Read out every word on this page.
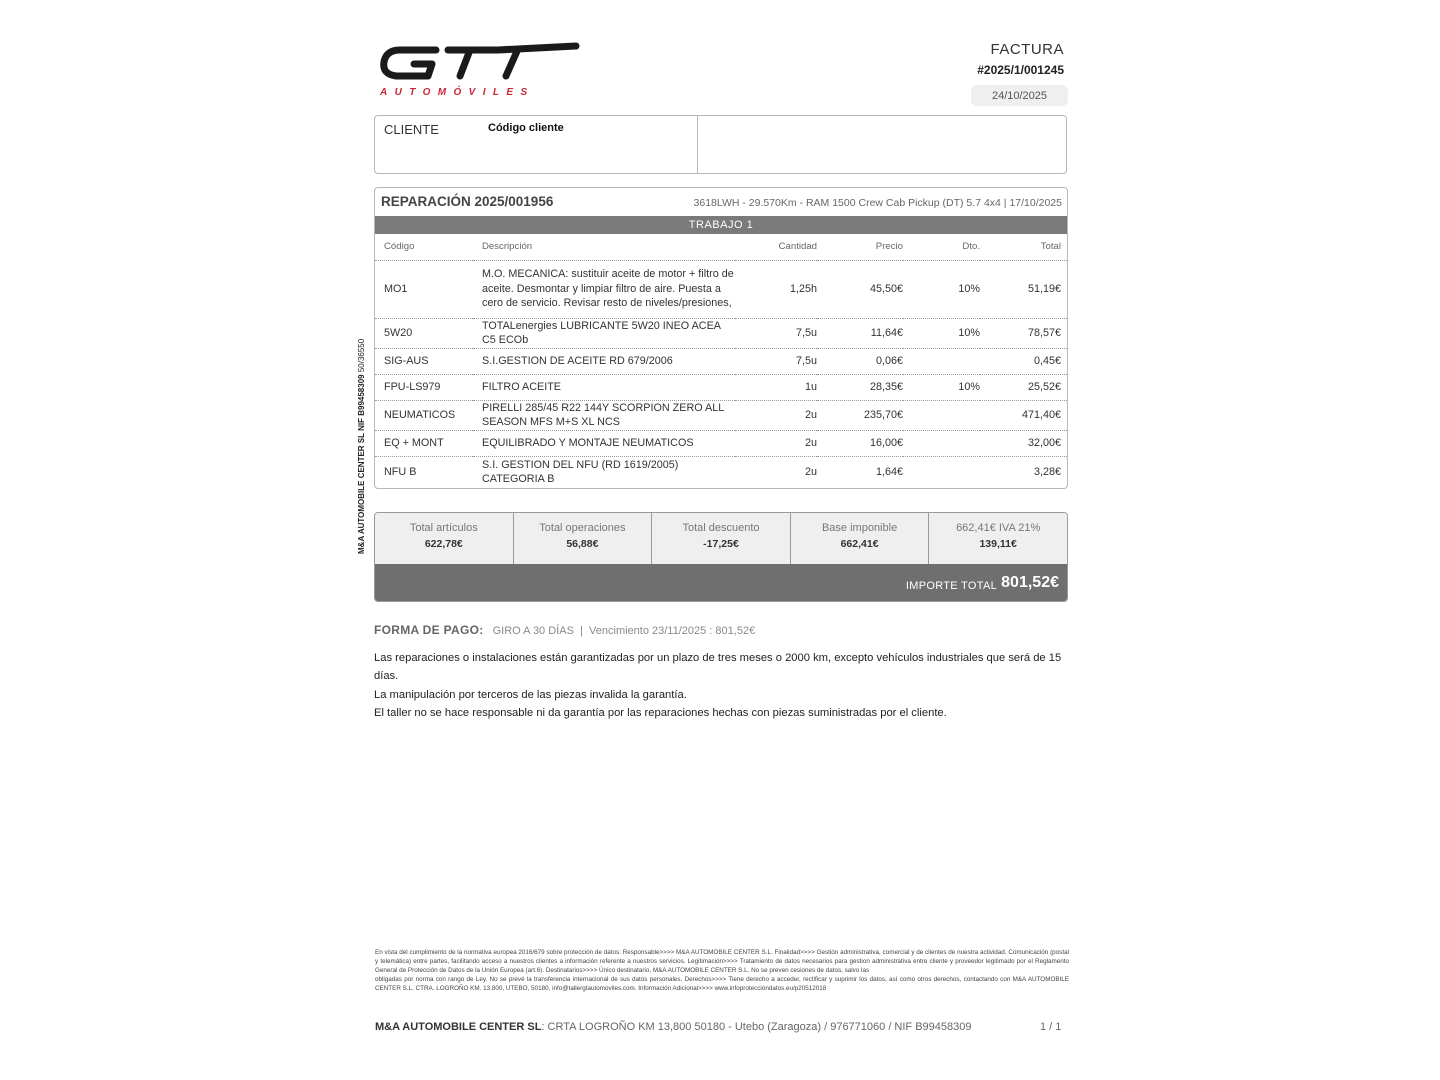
AUTOMÓVILES
FACTURA
#2025/1/001245
24/10/2025
CLIENTE	Código cliente
REPARACIÓN 2025/001956	3618LWH - 29.570Km - RAM 1500 Crew Cab Pickup (DT) 5.7 4x4 | 17/10/2025
TRABAJO 1
Código	Descripción	Cantidad	Precio	Dto.	Total
MO1	M.O. MECANICA: sustituir aceite de motor + filtro de aceite. Desmontar y limpiar filtro de aire. Puesta a cero de servicio. Revisar resto de niveles/presiones,	1,25h	45,50€	10%	51,19€
5W20	TOTALenergies LUBRICANTE 5W20 INEO ACEA C5 ECOb	7,5u	11,64€	10%	78,57€
SIG-AUS	S.I.GESTION DE ACEITE RD 679/2006	7,5u	0,06€		0,45€
FPU-LS979	FILTRO ACEITE	1u	28,35€	10%	25,52€
NEUMATICOS	PIRELLI 285/45 R22 144Y SCORPION ZERO ALL SEASON MFS M+S XL NCS	2u	235,70€		471,40€
EQ + MONT	EQUILIBRADO Y MONTAJE NEUMATICOS	2u	16,00€		32,00€
NFU B	S.I. GESTION DEL NFU (RD 1619/2005) CATEGORIA B	2u	1,64€		3,28€
M&A AUTOMOBILE CENTER SL NIF B99458309 50/36550
Total artículos
622,78€
Total operaciones
56,88€
Total descuento
-17,25€
Base imponible
662,41€
662,41€ IVA 21%
139,11€
IMPORTE TOTAL 801,52€
FORMA DE PAGO: GIRO A 30 DÍAS | Vencimiento 23/11/2025 : 801,52€
Las reparaciones o instalaciones están garantizadas por un plazo de tres meses o 2000 km, excepto vehículos industriales que será de 15 días.
La manipulación por terceros de las piezas invalida la garantía.
El taller no se hace responsable ni da garantía por las reparaciones hechas con piezas suministradas por el cliente.
En vista del cumplimiento de la normativa europea 2016/679 sobre protección de datos: Responsable>>>> M&A AUTOMOBILE CENTER S.L. Finalidad>>>> Gestión administrativa, comercial y de clientes de nuestra actividad. Comunicación (postal y telemática) entre partes, facilitando acceso a nuestros clientes a información referente a nuestros servicios. Legitimación>>>> Tratamiento de datos necesarios para gestion administrativa entre cliente y proveedor legitimado por el Reglamento General de Protección de Datos de la Unión Europea (art.6). Destinatarios>>>> Único destinatario, M&A AUTOMOBILE CENTER S.L. No se preven cesiones de datos, salvo las
obligadas por norma con rango de Ley. No se prevé la transferencia internacional de sus datos personales. Derechos>>>> Tiene derecho a acceder, rectificar y suprimir los datos, así como otros derechos, contactando con M&A AUTOMOBILE CENTER S.L. CTRA. LOGROÑO KM. 13.800, UTEBO, 50180, info@tallergtautomoviles.com. Información Adicional>>>> www.infoproteccióndatos.eu/p20512018
M&A AUTOMOBILE CENTER SL: CRTA LOGROÑO KM 13,800 50180 - Utebo (Zaragoza) / 976771060 / NIF B99458309	1 / 1
